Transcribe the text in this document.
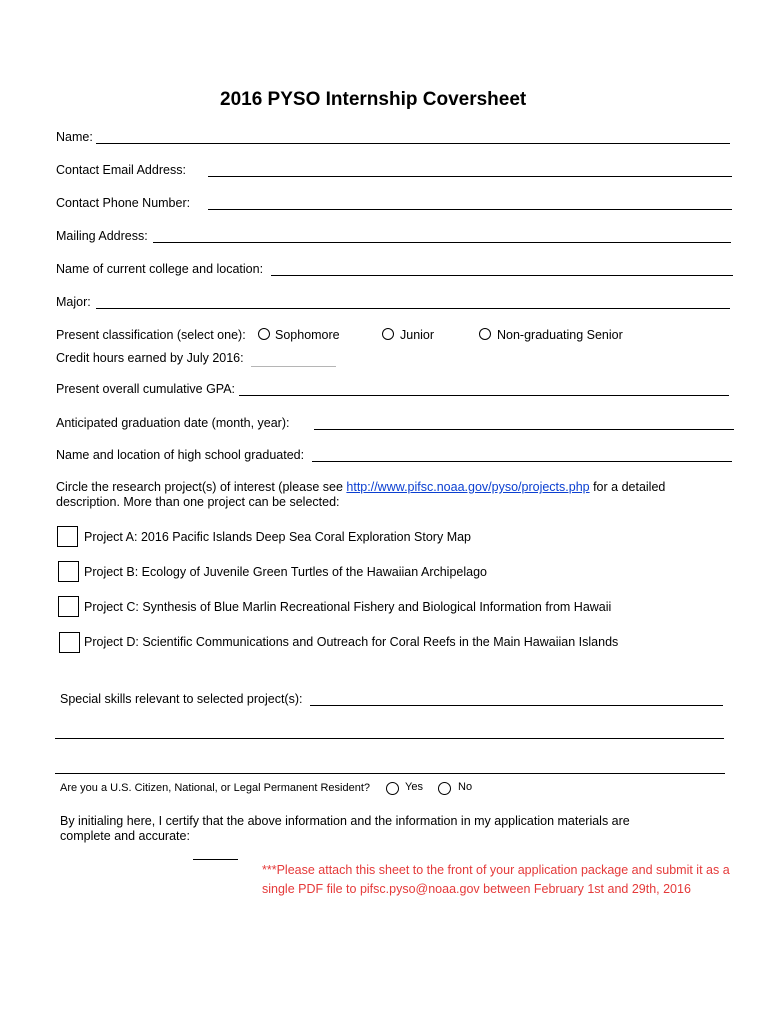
2016 PYSO Internship Coversheet
Name:
Contact Email Address:
Contact Phone Number:
Mailing Address:
Name of current college and location:
Major:
Present classification (select one): Sophomore	Junior	Non-graduating Senior
Credit hours earned by July 2016:
Present overall cumulative GPA:
Anticipated graduation date (month, year):
Name and location of high school graduated:
Circle the research project(s) of interest (please see http://www.pifsc.noaa.gov/pyso/projects.php for a detailed
description. More than one project can be selected:
Project A: 2016 Pacific Islands Deep Sea Coral Exploration Story Map
Project B: Ecology of Juvenile Green Turtles of the Hawaiian Archipelago
Project C: Synthesis of Blue Marlin Recreational Fishery and Biological Information from Hawaii
Project D: Scientific Communications and Outreach for Coral Reefs in the Main Hawaiian Islands
Special skills relevant to selected project(s):
Are you a U.S. Citizen, National, or Legal Permanent Resident?	Yes	No
By initialing here, I certify that the above information and the information in my application materials are
complete and accurate:
***Please attach this sheet to the front of your application package and submit it as a
single PDF file to pifsc.pyso@noaa.gov between February 1st and 29th, 2016
